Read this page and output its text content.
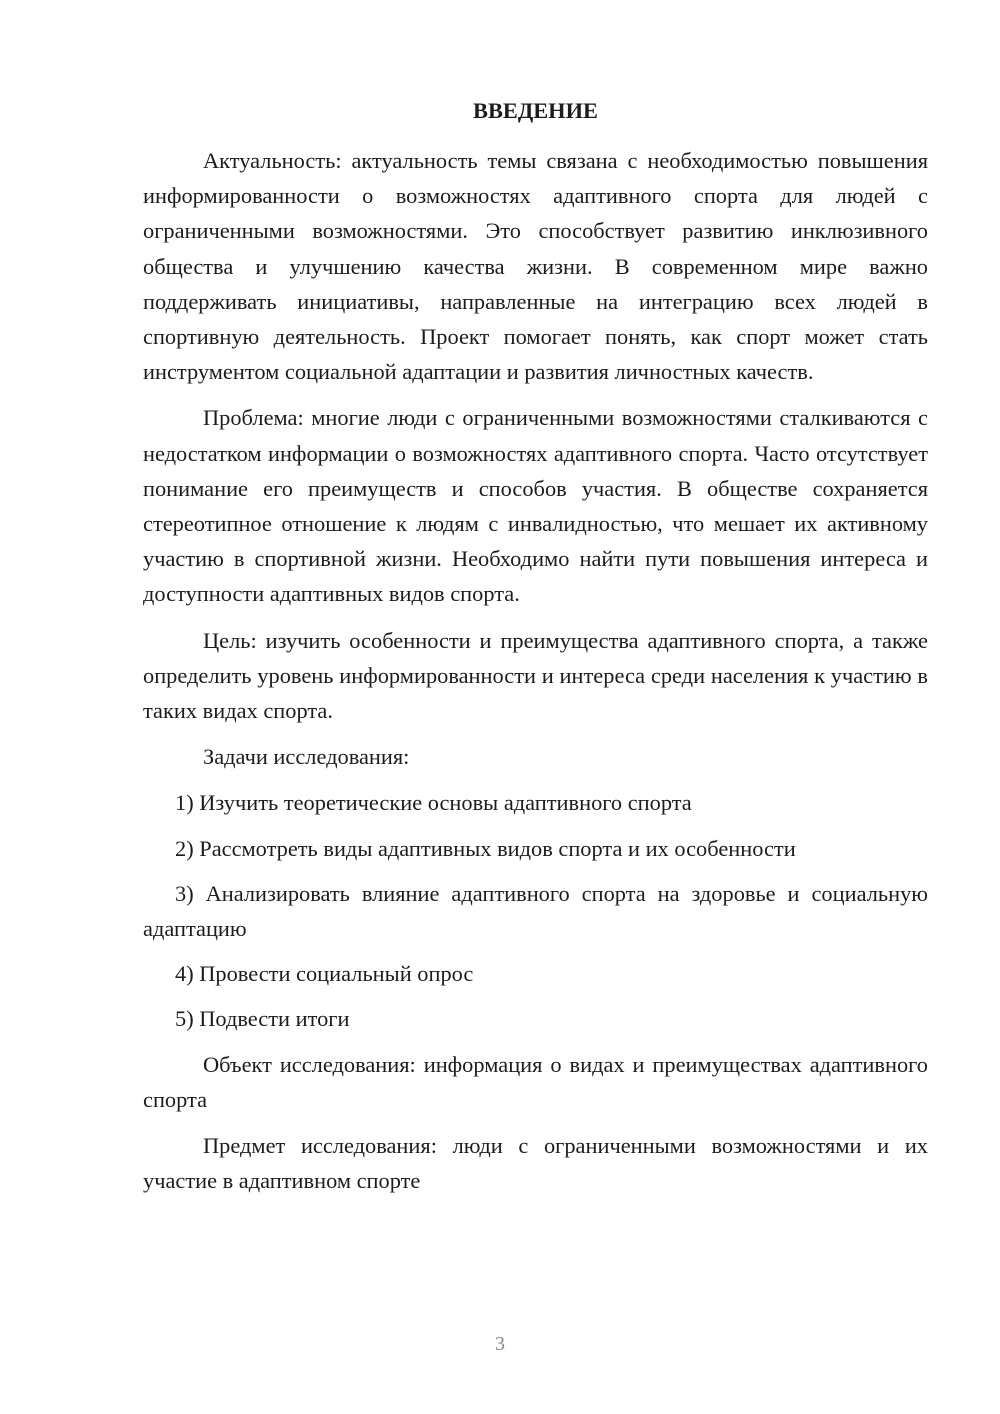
ВВЕДЕНИЕ

Актуальность: актуальность темы связана с необходимостью повышения информированности о возможностях адаптивного спорта для людей с ограниченными возможностями. Это способствует развитию инклюзивного общества и улучшению качества жизни. В современном мире важно поддерживать инициативы, направленные на интеграцию всех людей в спортивную деятельность. Проект помогает понять, как спорт может стать инструментом социальной адаптации и развития личностных качеств.

Проблема: многие люди с ограниченными возможностями сталкиваются с недостатком информации о возможностях адаптивного спорта. Часто отсутствует понимание его преимуществ и способов участия. В обществе сохраняется стереотипное отношение к людям с инвалидностью, что мешает их активному участию в спортивной жизни. Необходимо найти пути повышения интереса и доступности адаптивных видов спорта.

Цель: изучить особенности и преимущества адаптивного спорта, а также определить уровень информированности и интереса среди населения к участию в таких видах спорта.

Задачи исследования:

1) Изучить теоретические основы адаптивного спорта

2) Рассмотреть виды адаптивных видов спорта и их особенности

3) Анализировать влияние адаптивного спорта на здоровье и социальную адаптацию

4) Провести социальный опрос

5) Подвести итоги

Объект исследования: информация о видах и преимуществах адаптивного спорта

Предмет исследования: люди с ограниченными возможностями и их участие в адаптивном спорте

3
